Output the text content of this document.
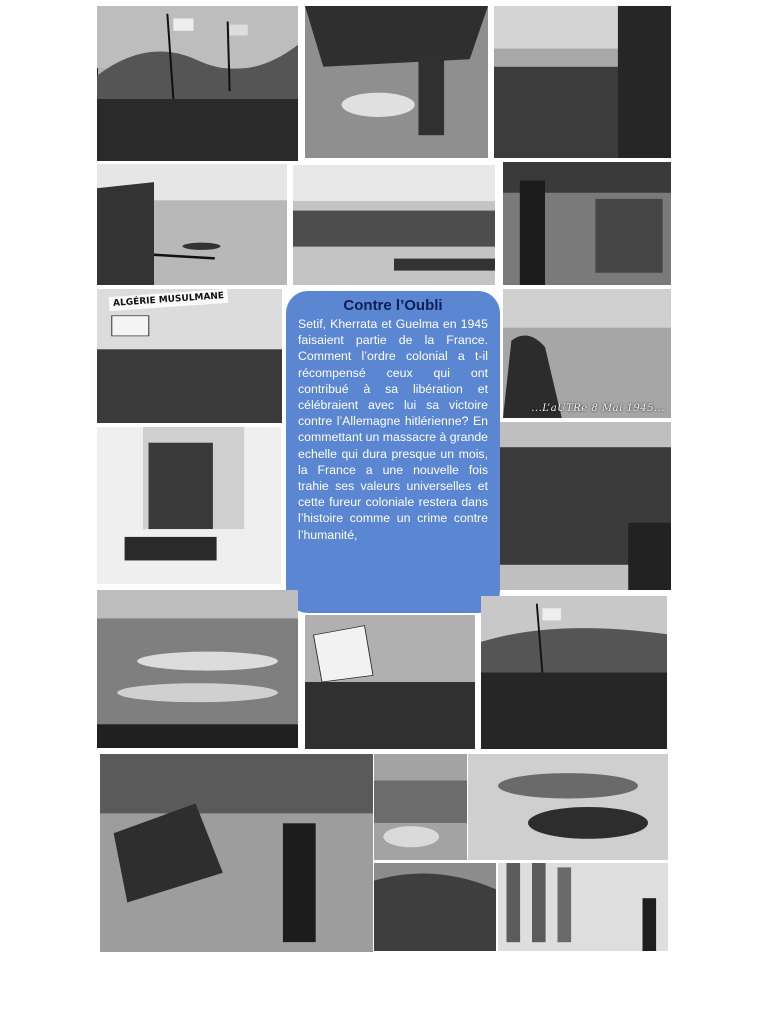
ALGÉRIE MUSULMANE
...L’aUTRe 8 Mai 1945...
Contre l’Oubli

Setif, Kherrata et Guelma en 1945 faisaient partie de la France. Comment l’ordre colonial a t-il récompensé ceux qui ont contribué à sa libération et célébraient avec lui sa victoire contre l’Allemagne hitlérienne? En commettant un massacre à grande echelle qui dura presque un mois, la France a une nouvelle fois trahie ses valeurs universelles et cette fureur coloniale restera dans l’histoire comme un crime contre l’humanité,
